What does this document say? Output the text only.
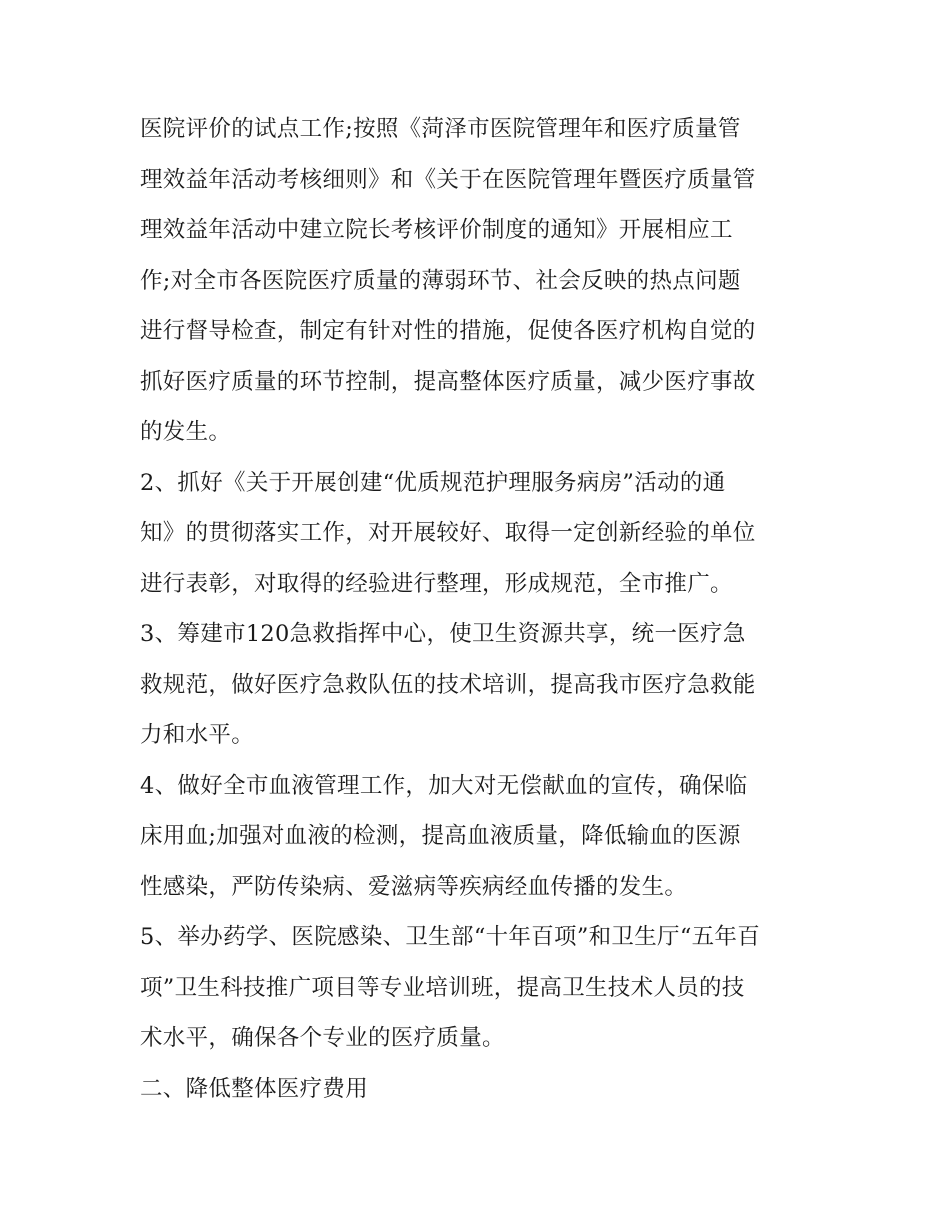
医院评价的试点工作;按照《菏泽市医院管理年和医疗质量管
理效益年活动考核细则》和《关于在医院管理年暨医疗质量管
理效益年活动中建立院长考核评价制度的通知》开展相应工
作;对全市各医院医疗质量的薄弱环节、社会反映的热点问题
进行督导检查，制定有针对性的措施，促使各医疗机构自觉的
抓好医疗质量的环节控制，提高整体医疗质量，减少医疗事故
的发生。
2、抓好《关于开展创建“优质规范护理服务病房”活动的通
知》的贯彻落实工作，对开展较好、取得一定创新经验的单位
进行表彰，对取得的经验进行整理，形成规范，全市推广。
3、筹建市120急救指挥中心，使卫生资源共享，统一医疗急
救规范，做好医疗急救队伍的技术培训，提高我市医疗急救能
力和水平。
4、做好全市血液管理工作，加大对无偿献血的宣传，确保临
床用血;加强对血液的检测，提高血液质量，降低输血的医源
性感染，严防传染病、爱滋病等疾病经血传播的发生。
5、举办药学、医院感染、卫生部“十年百项”和卫生厅“五年百
项”卫生科技推广项目等专业培训班，提高卫生技术人员的技
术水平，确保各个专业的医疗质量。
二、降低整体医疗费用
